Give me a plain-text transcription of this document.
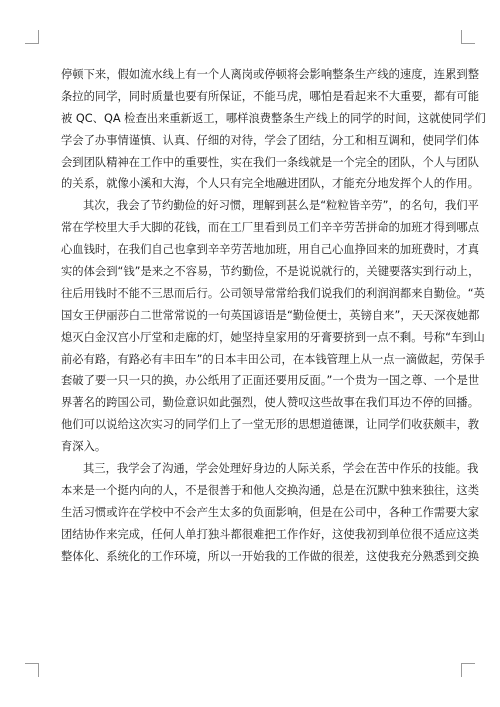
停顿下来，假如流水线上有一个人离岗或停顿将会影响整条生产线的速度，连累到整
条拉的同学，同时质量也要有所保证，不能马虎，哪怕是看起来不大重要，都有可能
被 QC、QA 检查出来重新返工，哪样浪费整条生产线上的同学的时间，这就使同学们
学会了办事情谨慎、认真、仔细的对待，学会了团结，分工和相互调和，使同学们体
会到团队精神在工作中的重要性，实在我们一条线就是一个完全的团队，个人与团队
的关系，就像小溪和大海，个人只有完全地融进团队，才能充分地发挥个人的作用。
其次，我会了节约勤俭的好习惯，理解到甚么是“粒粒皆辛劳”，的名句，我们平
常在学校里大手大脚的花钱，而在工厂里看到员工们辛辛劳苦拼命的加班才得到哪点
心血钱时，在我们自己也拿到辛辛劳苦地加班，用自己心血挣回来的加班费时，才真
实的体会到“钱”是来之不容易，节约勤俭，不是说说就行的，关键要落实到行动上，
往后用钱时不能不三思而后行。公司领导常常给我们说我们的利润润都来自勤俭。“英
国女王伊丽莎白二世常常说的一句英国谚语是“勤俭便士，英镑自来”，天天深夜她都
熄灭白金汉宫小厅堂和走廊的灯，她坚持皇家用的牙膏要挤到一点不剩。号称“车到山
前必有路，有路必有丰田车”的日本丰田公司，在本钱管理上从一点一滴做起，劳保手
套破了要一只一只的换，办公纸用了正面还要用反面。”一个贵为一国之尊、一个是世
界著名的跨国公司，勤俭意识如此强烈，使人赞叹这些故事在我们耳边不停的回播。
他们可以说给这次实习的同学们上了一堂无形的思想道德课，让同学们收获颇丰，教
育深入。
其三，我学会了沟通，学会处理好身边的人际关系，学会在苦中作乐的技能。我
本来是一个挺内向的人，不是很善于和他人交换沟通，总是在沉默中独来独往，这类
生活习惯或许在学校中不会产生太多的负面影响，但是在公司中，各种工作需要大家
团结协作来完成，任何人单打独斗都很难把工作作好，这使我初到单位很不适应这类
整体化、系统化的工作环境，所以一开始我的工作做的很差，这使我充分熟悉到交换
